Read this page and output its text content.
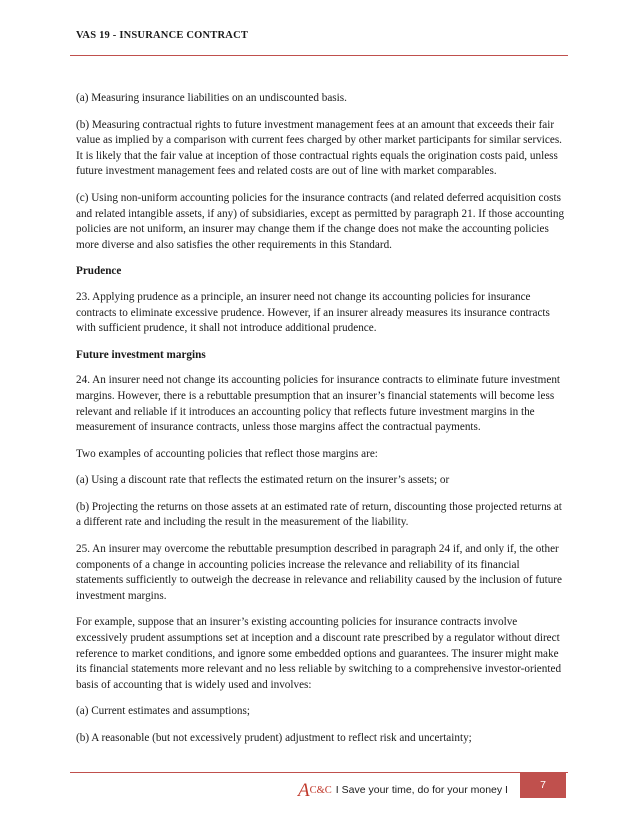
VAS 19 - INSURANCE CONTRACT

(a) Measuring insurance liabilities on an undiscounted basis.

(b) Measuring contractual rights to future investment management fees at an amount that exceeds their fair value as implied by a comparison with current fees charged by other market participants for similar services. It is likely that the fair value at inception of those contractual rights equals the origination costs paid, unless future investment management fees and related costs are out of line with market comparables.

(c) Using non-uniform accounting policies for the insurance contracts (and related deferred acquisition costs and related intangible assets, if any) of subsidiaries, except as permitted by paragraph 21. If those accounting policies are not uniform, an insurer may change them if the change does not make the accounting policies more diverse and also satisfies the other requirements in this Standard.

Prudence

23. Applying prudence as a principle, an insurer need not change its accounting policies for insurance contracts to eliminate excessive prudence. However, if an insurer already measures its insurance contracts with sufficient prudence, it shall not introduce additional prudence.

Future investment margins

24. An insurer need not change its accounting policies for insurance contracts to eliminate future investment margins. However, there is a rebuttable presumption that an insurer’s financial statements will become less relevant and reliable if it introduces an accounting policy that reflects future investment margins in the measurement of insurance contracts, unless those margins affect the contractual payments.

Two examples of accounting policies that reflect those margins are:

(a) Using a discount rate that reflects the estimated return on the insurer’s assets; or

(b) Projecting the returns on those assets at an estimated rate of return, discounting those projected returns at a different rate and including the result in the measurement of the liability.

25. An insurer may overcome the rebuttable presumption described in paragraph 24 if, and only if, the other components of a change in accounting policies increase the relevance and reliability of its financial statements sufficiently to outweigh the decrease in relevance and reliability caused by the inclusion of future investment margins.

For example, suppose that an insurer’s existing accounting policies for insurance contracts involve excessively prudent assumptions set at inception and a discount rate prescribed by a regulator without direct reference to market conditions, and ignore some embedded options and guarantees. The insurer might make its financial statements more relevant and no less reliable by switching to a comprehensive investor-oriented basis of accounting that is widely used and involves:

(a) Current estimates and assumptions;

(b) A reasonable (but not excessively prudent) adjustment to reflect risk and uncertainty;

A C&C I Save your time, do for your money I	7
